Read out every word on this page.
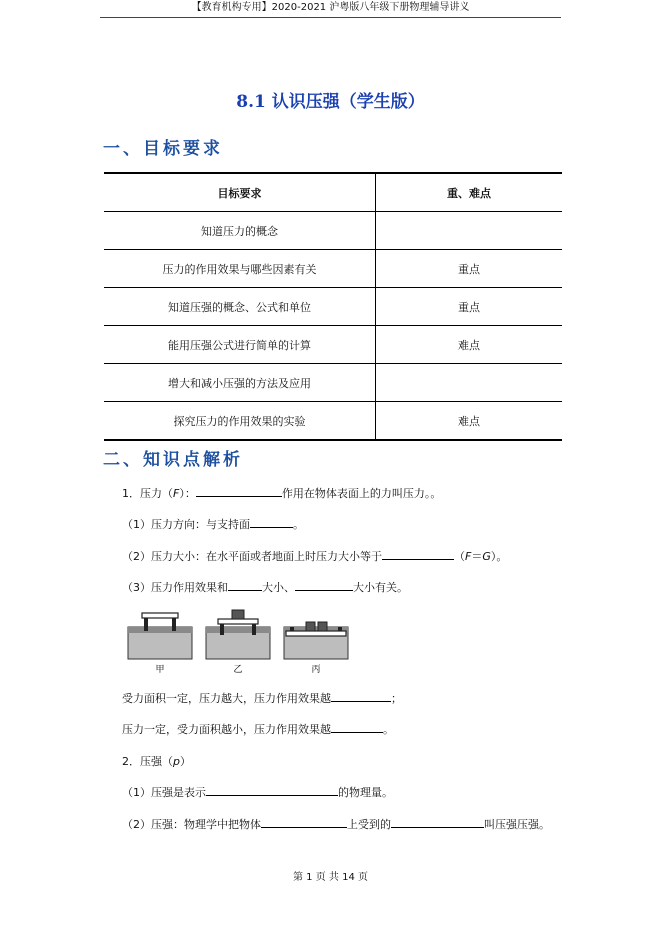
【教育机构专用】2020-2021 沪粤版八年级下册物理辅导讲义
8.1 认识压强（学生版）
一、目标要求
目标要求	重、难点
知道压力的概念	
压力的作用效果与哪些因素有关	重点
知道压强的概念、公式和单位	重点
能用压强公式进行简单的计算	难点
增大和减小压强的方法及应用	
探究压力的作用效果的实验	难点
二、知识点解析
1．压力（F）：	作用在物体表面上的力叫压力。。
（1）压力方向：与支持面	。
（2）压力大小：在水平面或者地面上时压力大小等于	（F＝G）。
（3）压力作用效果和	大小、	大小有关。
甲	乙	丙
受力面积一定，压力越大，压力作用效果越	；
压力一定，受力面积越小，压力作用效果越	。
2．压强（p）
（1）压强是表示	的物理量。
（2）压强：物理学中把物体	上受到的	叫压强压强。
第 1 页 共 14 页
